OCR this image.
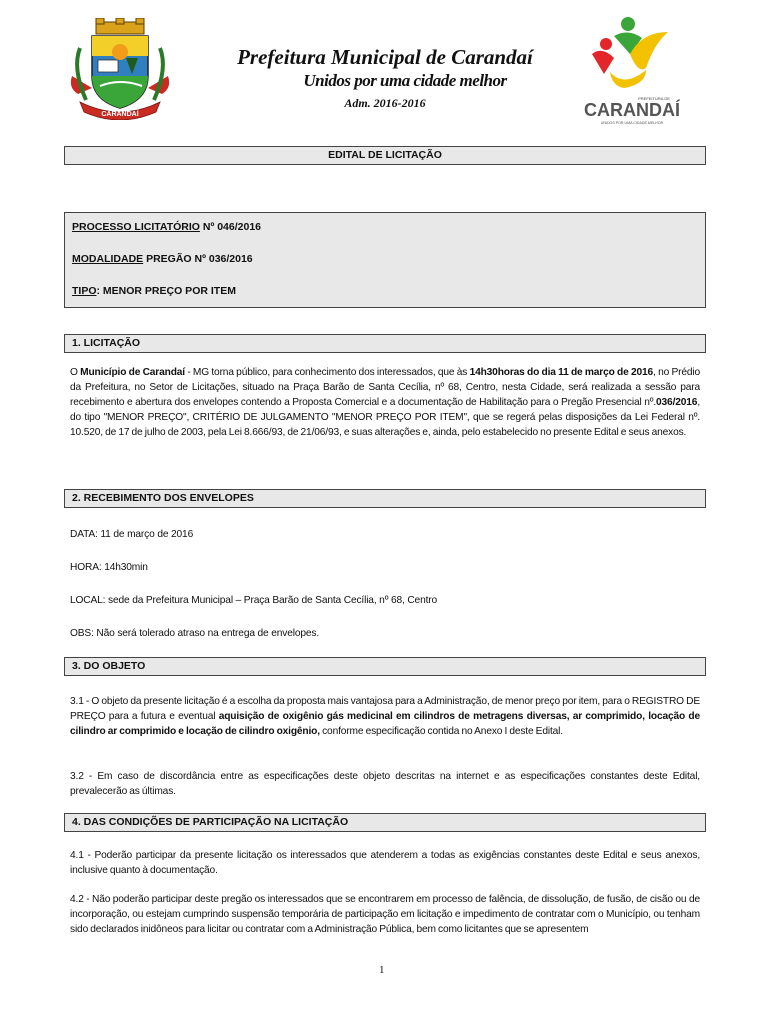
CARANDAÍ
Prefeitura Municipal de Carandaí
Unidos por uma cidade melhor
Adm. 2016-2016	PREFEITURA DE
CARANDAÍ
UNIDOS POR UMA CIDADE MELHOR
EDITAL DE LICITAÇÃO
PROCESSO LICITATÓRIO Nº 046/2016
MODALIDADE PREGÃO Nº 036/2016
TIPO: MENOR PREÇO POR ITEM
1. LICITAÇÃO
O Município de Carandaí - MG torna público, para conhecimento dos interessados, que às 14h30horas do dia 11 de março de 2016, no Prédio da Prefeitura, no Setor de Licitações, situado na Praça Barão de Santa Cecília, nº 68, Centro, nesta Cidade, será realizada a sessão para recebimento e abertura dos envelopes contendo a Proposta Comercial e a documentação de Habilitação para o Pregão Presencial nº.036/2016, do tipo "MENOR PREÇO", CRITÉRIO DE JULGAMENTO "MENOR PREÇO POR ITEM", que se regerá pelas disposições da Lei Federal nº. 10.520, de 17 de julho de 2003, pela Lei 8.666/93, de 21/06/93, e suas alterações e, ainda, pelo estabelecido no presente Edital e seus anexos.
2. RECEBIMENTO DOS ENVELOPES
DATA: 11 de março de 2016
HORA: 14h30min
LOCAL: sede da Prefeitura Municipal – Praça Barão de Santa Cecília, nº 68, Centro
OBS: Não será tolerado atraso na entrega de envelopes.
3. DO OBJETO
3.1 - O objeto da presente licitação é a escolha da proposta mais vantajosa para a Administração, de menor preço por item, para o REGISTRO DE PREÇO para a futura e eventual aquisição de oxigênio gás medicinal em cilindros de metragens diversas, ar comprimido, locação de cilindro ar comprimido e locação de cilindro oxigênio, conforme especificação contida no Anexo I deste Edital.
3.2 - Em caso de discordância entre as especificações deste objeto descritas na internet e as especificações constantes deste Edital, prevalecerão as últimas.
4. DAS CONDIÇÕES DE PARTICIPAÇÃO NA LICITAÇÃO
4.1 - Poderão participar da presente licitação os interessados que atenderem a todas as exigências constantes deste Edital e seus anexos, inclusive quanto à documentação.
4.2 - Não poderão participar deste pregão os interessados que se encontrarem em processo de falência, de dissolução, de fusão, de cisão ou de incorporação, ou estejam cumprindo suspensão temporária de participação em licitação e impedimento de contratar com o Município, ou tenham sido declarados inidôneos para licitar ou contratar com a Administração Pública, bem como licitantes que se apresentem
1
